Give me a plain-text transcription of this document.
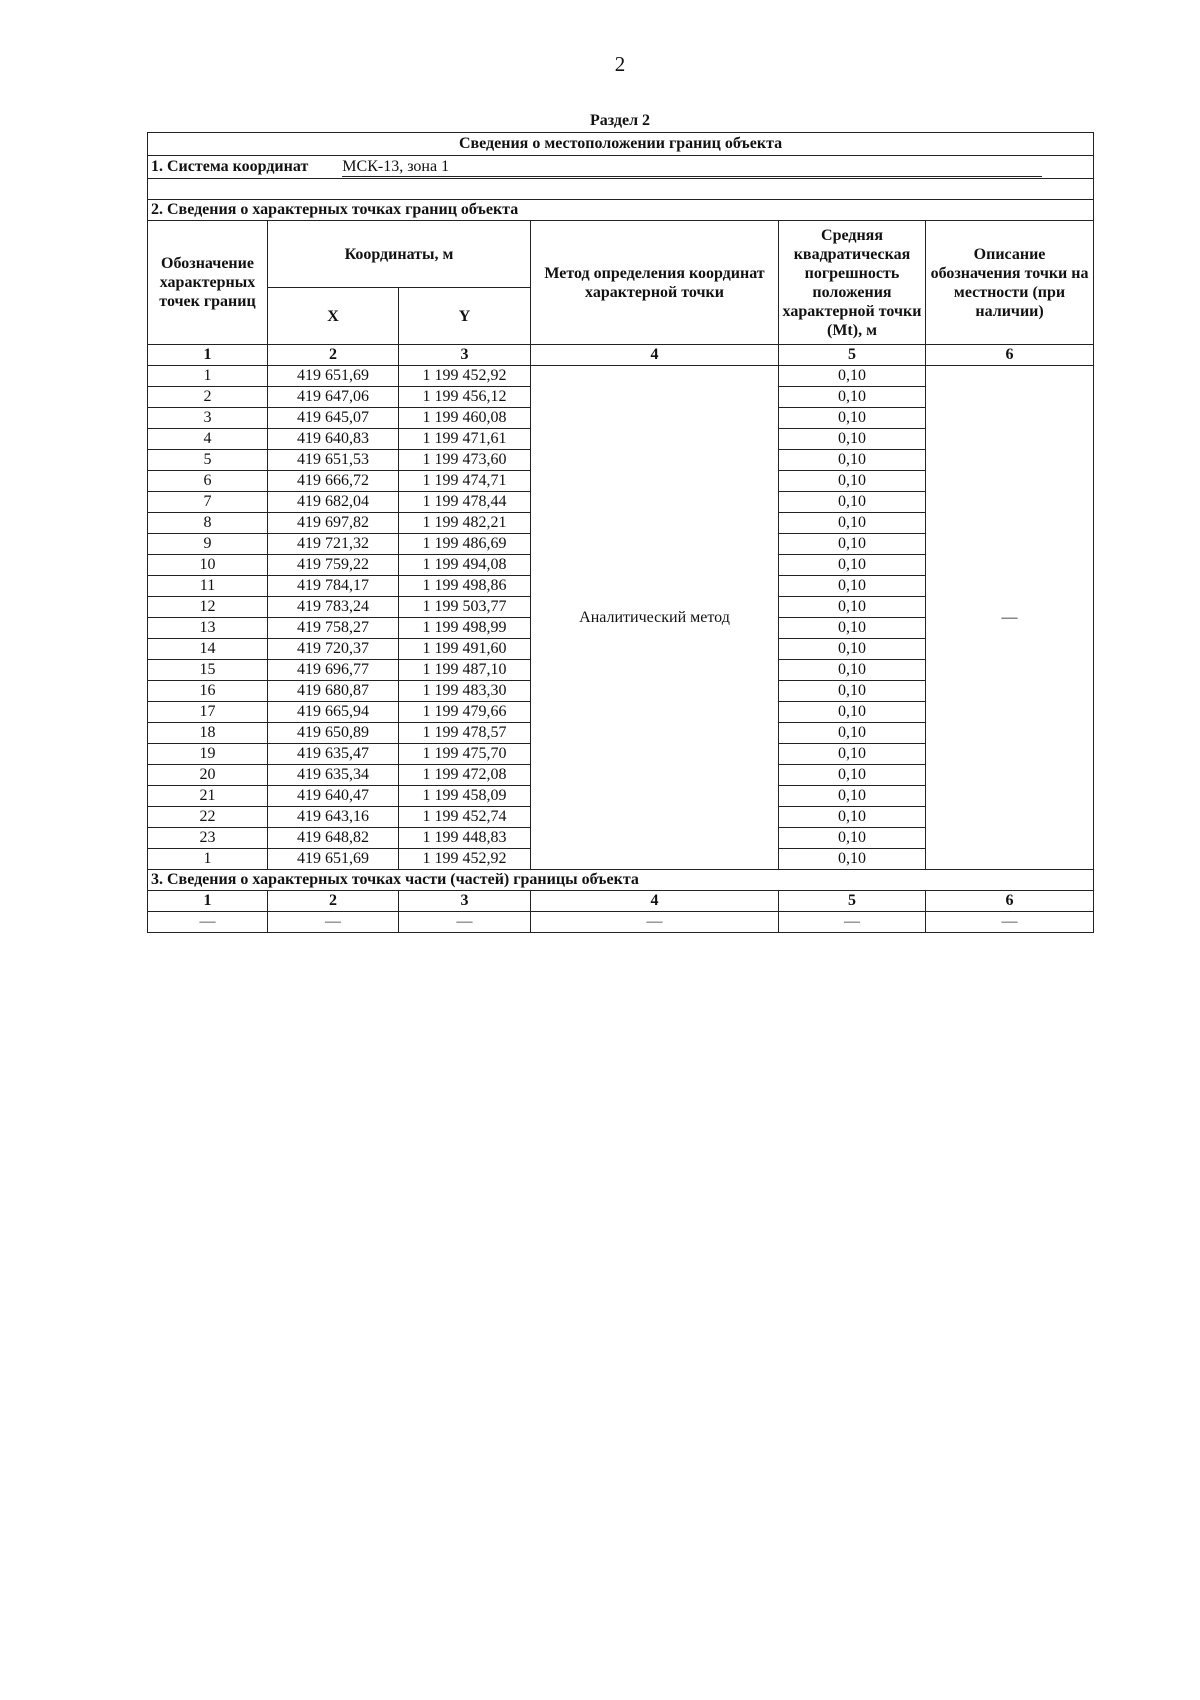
2
Раздел 2
Сведения о местоположении границ объекта					
1. Система координат МСК-13, зона 1					

2. Сведения о характерных точках границ объекта					
Обозначение характерных точек границ	Координаты, м		Метод определения координат характерной точки	Средняя квадратическая погрешность положения характерной точки (Mt), м	Описание обозначения точки на местности (при наличии)
	X	Y			
1	2	3	4	5	6
1	419 651,69	1 199 452,92	Аналитический метод	0,10	—
2	419 647,06	1 199 456,12		0,10	
3	419 645,07	1 199 460,08		0,10	
4	419 640,83	1 199 471,61		0,10	
5	419 651,53	1 199 473,60		0,10	
6	419 666,72	1 199 474,71		0,10	
7	419 682,04	1 199 478,44		0,10	
8	419 697,82	1 199 482,21		0,10	
9	419 721,32	1 199 486,69		0,10	
10	419 759,22	1 199 494,08		0,10	
11	419 784,17	1 199 498,86		0,10	
12	419 783,24	1 199 503,77		0,10	
13	419 758,27	1 199 498,99		0,10	
14	419 720,37	1 199 491,60		0,10	
15	419 696,77	1 199 487,10		0,10	
16	419 680,87	1 199 483,30		0,10	
17	419 665,94	1 199 479,66		0,10	
18	419 650,89	1 199 478,57		0,10	
19	419 635,47	1 199 475,70		0,10	
20	419 635,34	1 199 472,08		0,10	
21	419 640,47	1 199 458,09		0,10	
22	419 643,16	1 199 452,74		0,10	
23	419 648,82	1 199 448,83		0,10	
1	419 651,69	1 199 452,92		0,10	
3. Сведения о характерных точках части (частей) границы объекта					
1	2	3	4	5	6
—	—	—	—	—	—
